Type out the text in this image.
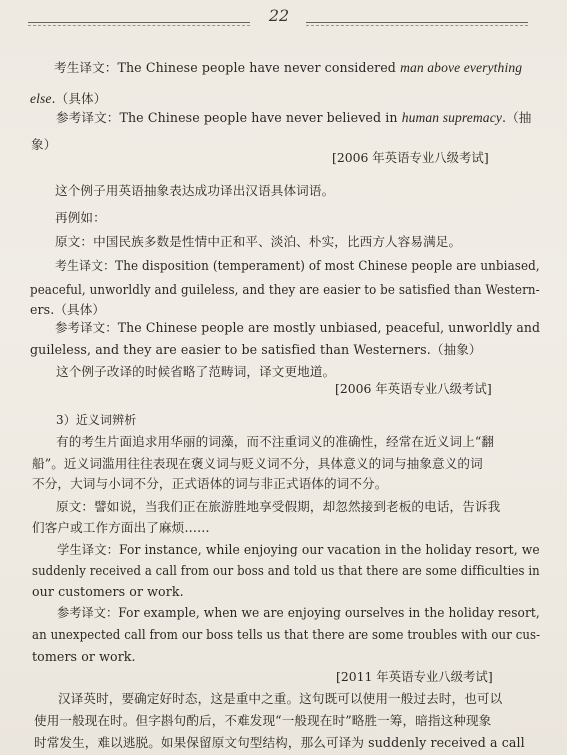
22
考生译文：The Chinese people have never considered man above everything
else.（具体）
参考译文：The Chinese people have never believed in human supremacy.（抽
象）
[2006 年英语专业八级考试]
这个例子用英语抽象表达成功译出汉语具体词语。
再例如：
原文：中国民族多数是性情中正和平、淡泊、朴实，比西方人容易满足。
考生译文：The disposition (temperament) of most Chinese people are unbiased,
peaceful, unworldly and guileless, and they are easier to be satisfied than Western-
ers.（具体）
参考译文：The Chinese people are mostly unbiased, peaceful, unworldly and
guileless, and they are easier to be satisfied than Westerners.（抽象）
这个例子改译的时候省略了范畴词，译文更地道。
[2006 年英语专业八级考试]
3）近义词辨析
有的考生片面追求用华丽的词藻，而不注重词义的准确性，经常在近义词上“翻
船”。近义词滥用往往表现在褒义词与贬义词不分，具体意义的词与抽象意义的词
不分，大词与小词不分，正式语体的词与非正式语体的词不分。
原文：譬如说，当我们正在旅游胜地享受假期，却忽然接到老板的电话，告诉我
们客户或工作方面出了麻烦……
学生译文：For instance, while enjoying our vacation in the holiday resort, we
suddenly received a call from our boss and told us that there are some difficulties in
our customers or work.
参考译文：For example, when we are enjoying ourselves in the holiday resort,
an unexpected call from our boss tells us that there are some troubles with our cus-
tomers or work.
[2011 年英语专业八级考试]
汉译英时，要确定好时态，这是重中之重。这句既可以使用一般过去时，也可以
使用一般现在时。但字斟句酌后，不难发现“一般现在时”略胜一筹，暗指这种现象
时常发生，难以逃脱。如果保留原文句型结构，那么可译为 suddenly received a call
